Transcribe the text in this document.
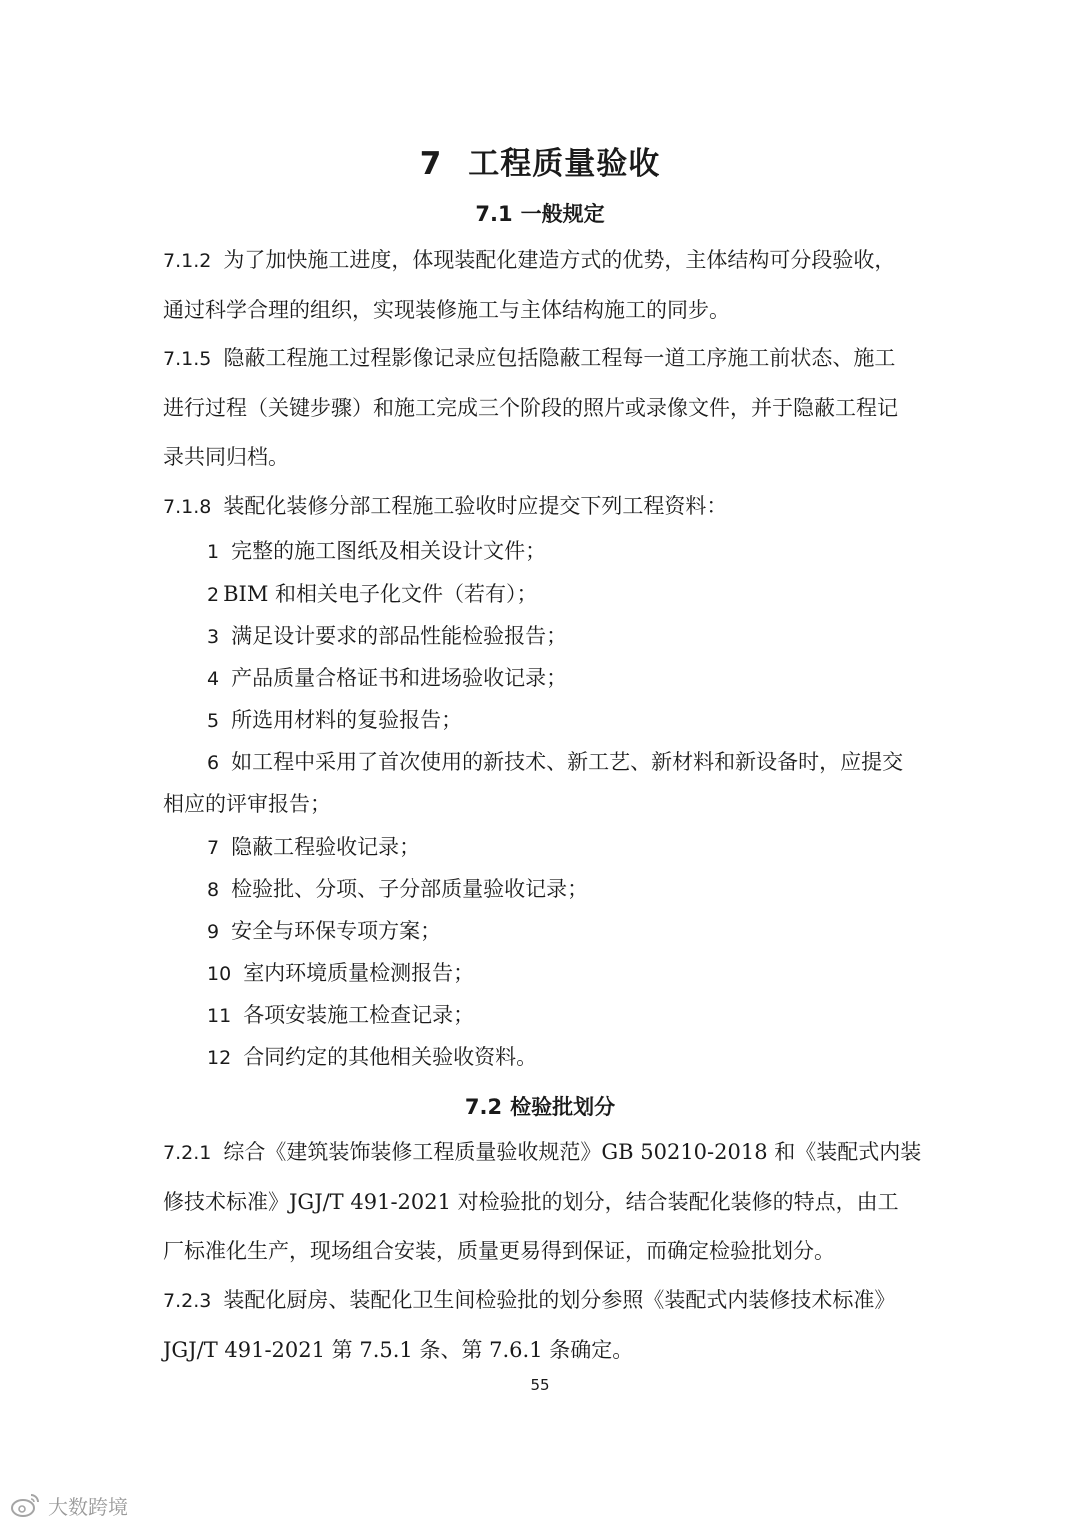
7 工程质量验收
7.1 一般规定
7.1.2 为了加快施工进度，体现装配化建造方式的优势，主体结构可分段验收，
通过科学合理的组织，实现装修施工与主体结构施工的同步。
7.1.5 隐蔽工程施工过程影像记录应包括隐蔽工程每一道工序施工前状态、施工
进行过程（关键步骤）和施工完成三个阶段的照片或录像文件，并于隐蔽工程记
录共同归档。
7.1.8 装配化装修分部工程施工验收时应提交下列工程资料：

1 完整的施工图纸及相关设计文件；

2 BIM 和相关电子化文件（若有）；

3 满足设计要求的部品性能检验报告；

4 产品质量合格证书和进场验收记录；

5 所选用材料的复验报告；

6 如工程中采用了首次使用的新技术、新工艺、新材料和新设备时，应提交

相应的评审报告；

7 隐蔽工程验收记录；

8 检验批、分项、子分部质量验收记录；

9 安全与环保专项方案；

10 室内环境质量检测报告；

11 各项安装施工检查记录；

12 合同约定的其他相关验收资料。

7.2 检验批划分
7.2.1 综合《建筑装饰装修工程质量验收规范》GB 50210-2018 和《装配式内装
修技术标准》JGJ/T 491-2021 对检验批的划分，结合装配化装修的特点，由工
厂标准化生产，现场组合安装，质量更易得到保证，而确定检验批划分。
7.2.3 装配化厨房、装配化卫生间检验批的划分参照《装配式内装修技术标准》
JGJ/T 491-2021 第 7.5.1 条、第 7.6.1 条确定。
55
大数跨境
